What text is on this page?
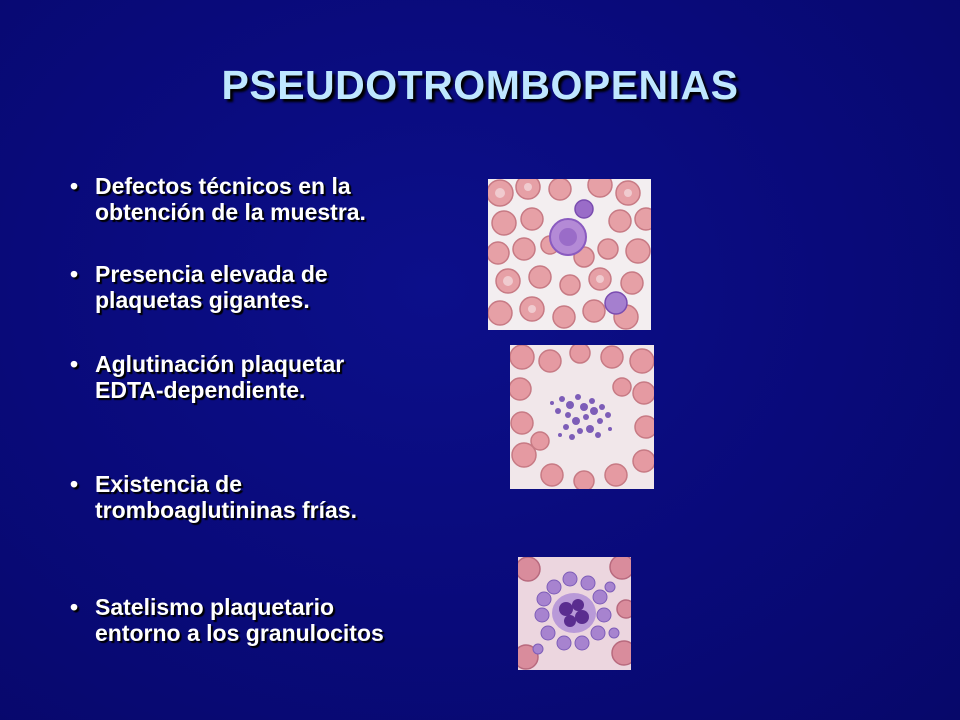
PSEUDOTROMBOPENIAS
• Defectos técnicos en la
obtención de la muestra.
• Presencia elevada de
plaquetas gigantes.
• Aglutinación plaquetar
EDTA-dependiente.
• Existencia de
tromboaglutininas frías.
• Satelismo plaquetario
entorno a los granulocitos
